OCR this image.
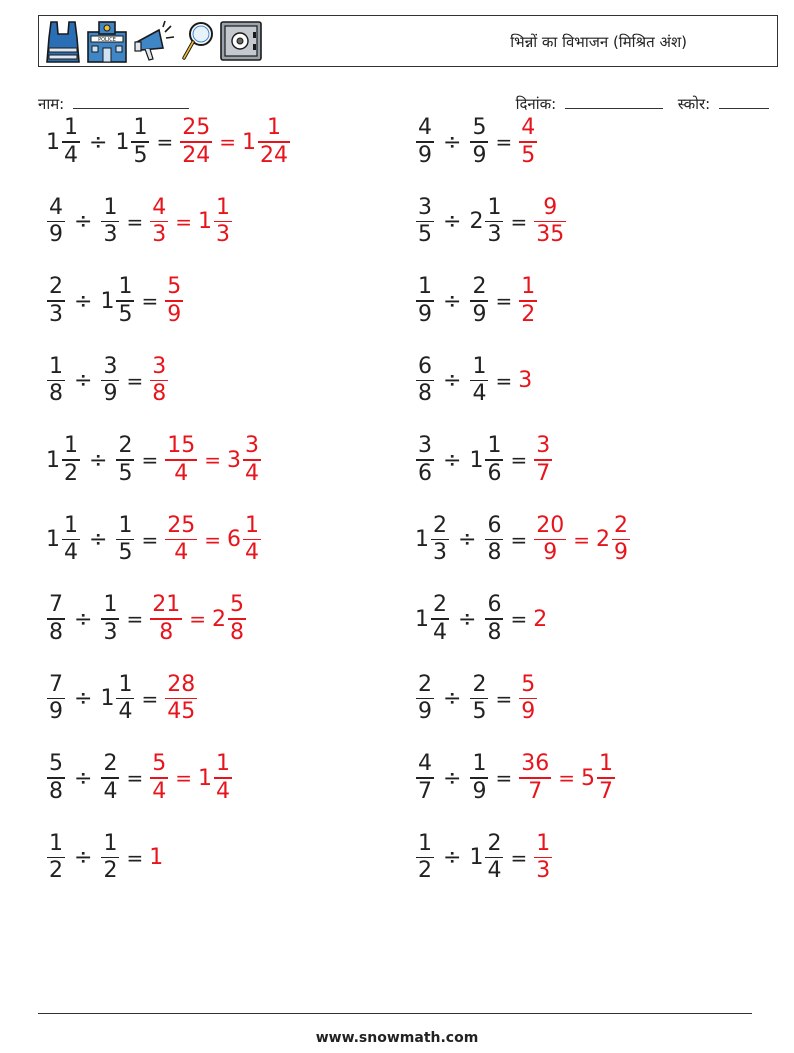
POLICE	भिन्नों का विभाजन (मिश्रित अंश)
नाम:	दिनांक:	स्कोर:
$1 \frac{1}{4} \div 1 \frac{1}{5} = \frac{25}{24} = 1 \frac{1}{24}$	$\frac{4}{9} \div \frac{5}{9} = \frac{4}{5}$
$\frac{4}{9} \div \frac{1}{3} = \frac{4}{3} = 1 \frac{1}{3}$	$\frac{3}{5} \div 2 \frac{1}{3} = \frac{9}{35}$
$\frac{2}{3} \div 1 \frac{1}{5} = \frac{5}{9}$	$\frac{1}{9} \div \frac{2}{9} = \frac{1}{2}$
$\frac{1}{8} \div \frac{3}{9} = \frac{3}{8}$	$\frac{6}{8} \div \frac{1}{4} = 3$
$1 \frac{1}{2} \div \frac{2}{5} = \frac{15}{4} = 3 \frac{3}{4}$	$\frac{3}{6} \div 1 \frac{1}{6} = \frac{3}{7}$
$1 \frac{1}{4} \div \frac{1}{5} = \frac{25}{4} = 6 \frac{1}{4}$	$1 \frac{2}{3} \div \frac{6}{8} = \frac{20}{9} = 2 \frac{2}{9}$
$\frac{7}{8} \div \frac{1}{3} = \frac{21}{8} = 2 \frac{5}{8}$	$1 \frac{2}{4} \div \frac{6}{8} = 2$
$\frac{7}{9} \div 1 \frac{1}{4} = \frac{28}{45}$	$\frac{2}{9} \div \frac{2}{5} = \frac{5}{9}$
$\frac{5}{8} \div \frac{2}{4} = \frac{5}{4} = 1 \frac{1}{4}$	$\frac{4}{7} \div \frac{1}{9} = \frac{36}{7} = 5 \frac{1}{7}$
$\frac{1}{2} \div \frac{1}{2} = 1$	$\frac{1}{2} \div 1 \frac{2}{4} = \frac{1}{3}$
www.snowmath.com
